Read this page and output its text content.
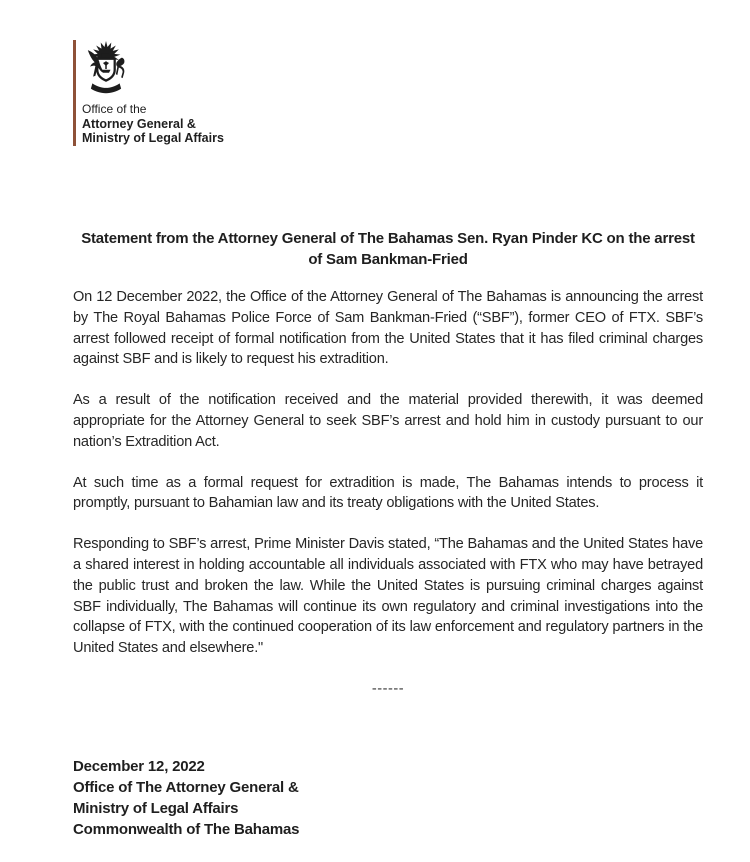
Office of the
Attorney General &
Ministry of Legal Affairs
Statement from the Attorney General of The Bahamas Sen. Ryan Pinder KC on the arrest
of Sam Bankman-Fried

On 12 December 2022, the Office of the Attorney General of The Bahamas is announcing the arrest by The Royal Bahamas Police Force of Sam Bankman-Fried (“SBF”), former CEO of FTX. SBF’s arrest followed receipt of formal notification from the United States that it has filed criminal charges against SBF and is likely to request his extradition.

As a result of the notification received and the material provided therewith, it was deemed appropriate for the Attorney General to seek SBF’s arrest and hold him in custody pursuant to our nation’s Extradition Act.

At such time as a formal request for extradition is made, The Bahamas intends to process it promptly, pursuant to Bahamian law and its treaty obligations with the United States.

Responding to SBF’s arrest, Prime Minister Davis stated, “The Bahamas and the United States have a shared interest in holding accountable all individuals associated with FTX who may have betrayed the public trust and broken the law. While the United States is pursuing criminal charges against SBF individually, The Bahamas will continue its own regulatory and criminal investigations into the collapse of FTX, with the continued cooperation of its law enforcement and regulatory partners in the United States and elsewhere."

------
December 12, 2022
Office of The Attorney General &
Ministry of Legal Affairs
Commonwealth of The Bahamas
